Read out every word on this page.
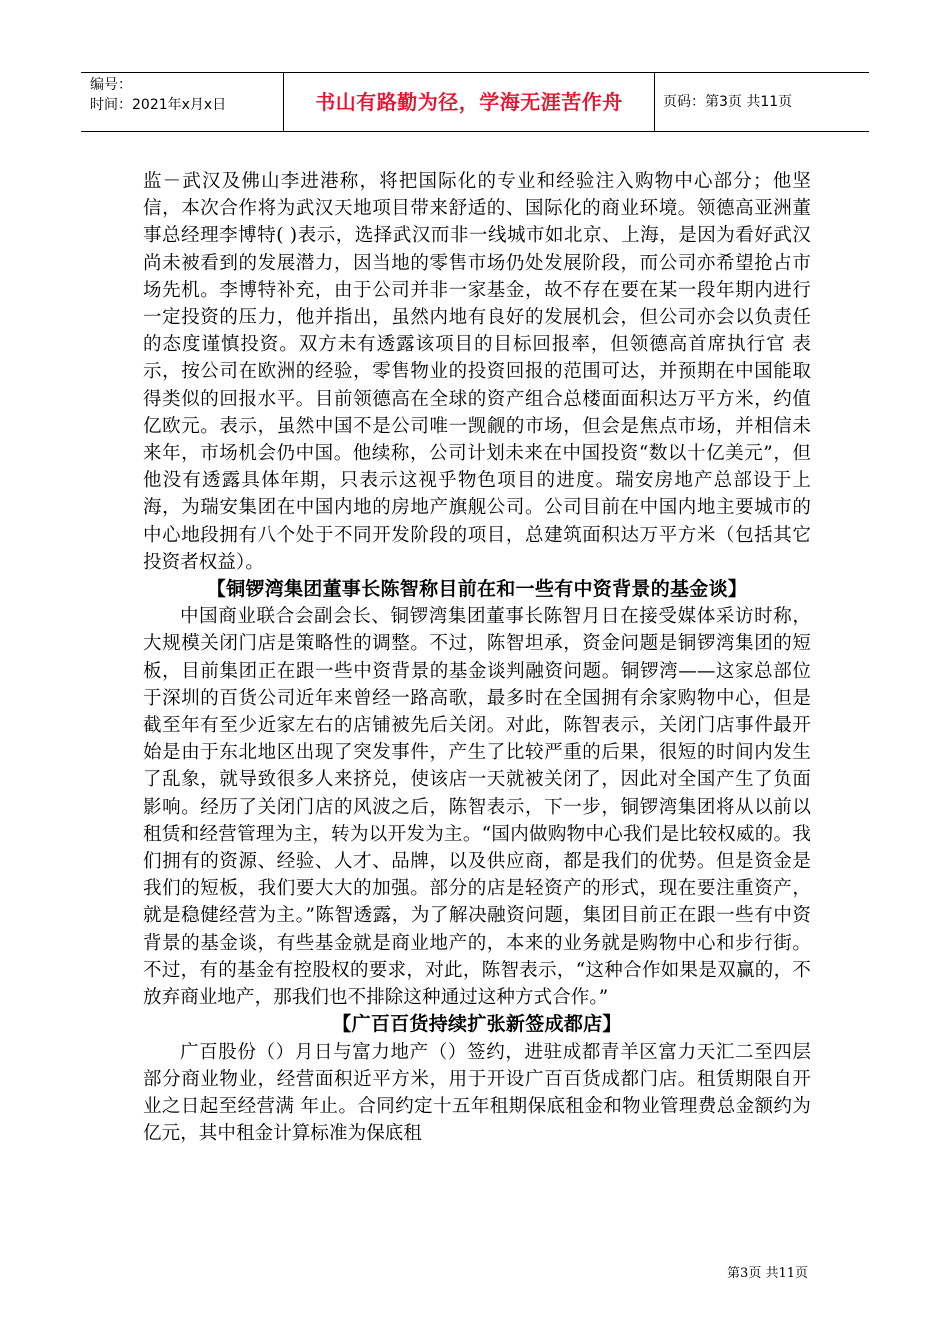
编号：
时间：2021年x月x日	书山有路勤为径，学海无涯苦作舟	页码：第3页 共11页

监－武汉及佛山李进港称，将把国际化的专业和经验注入购物中心部分；他坚信，本次合作将为武汉天地项目带来舒适的、国际化的商业环境。领德高亚洲董事总经理李博特( )表示，选择武汉而非一线城市如北京、上海，是因为看好武汉尚未被看到的发展潜力，因当地的零售市场仍处发展阶段，而公司亦希望抢占市场先机。李博特补充，由于公司并非一家基金，故不存在要在某一段年期内进行一定投资的压力，他并指出，虽然内地有良好的发展机会，但公司亦会以负责任的态度谨慎投资。双方未有透露该项目的目标回报率，但领德高首席执行官 表示，按公司在欧洲的经验，零售物业的投资回报的范围可达，并预期在中国能取得类似的回报水平。目前领德高在全球的资产组合总楼面面积达万平方米，约值亿欧元。表示，虽然中国不是公司唯一觊觎的市场，但会是焦点市场，并相信未来年，市场机会仍中国。他续称，公司计划未来在中国投资“数以十亿美元”，但他没有透露具体年期，只表示这视乎物色项目的进度。瑞安房地产总部设于上海，为瑞安集团在中国内地的房地产旗舰公司。公司目前在中国内地主要城市的中心地段拥有八个处于不同开发阶段的项目，总建筑面积达万平方米（包括其它投资者权益）。

【铜锣湾集团董事长陈智称目前在和一些有中资背景的基金谈】

中国商业联合会副会长、铜锣湾集团董事长陈智月日在接受媒体采访时称，大规模关闭门店是策略性的调整。不过，陈智坦承，资金问题是铜锣湾集团的短板，目前集团正在跟一些中资背景的基金谈判融资问题。铜锣湾——这家总部位于深圳的百货公司近年来曾经一路高歌，最多时在全国拥有余家购物中心，但是截至年有至少近家左右的店铺被先后关闭。对此，陈智表示，关闭门店事件最开始是由于东北地区出现了突发事件，产生了比较严重的后果，很短的时间内发生了乱象，就导致很多人来挤兑，使该店一天就被关闭了，因此对全国产生了负面影响。经历了关闭门店的风波之后，陈智表示，下一步，铜锣湾集团将从以前以租赁和经营管理为主，转为以开发为主。“国内做购物中心我们是比较权威的。我们拥有的资源、经验、人才、品牌，以及供应商，都是我们的优势。但是资金是我们的短板，我们要大大的加强。部分的店是轻资产的形式，现在要注重资产，就是稳健经营为主。”陈智透露，为了解决融资问题，集团目前正在跟一些有中资背景的基金谈，有些基金就是商业地产的，本来的业务就是购物中心和步行街。不过，有的基金有控股权的要求，对此，陈智表示，“这种合作如果是双赢的，不放弃商业地产，那我们也不排除这种通过这种方式合作。”

【广百百货持续扩张新签成都店】

广百股份（）月日与富力地产（）签约，进驻成都青羊区富力天汇二至四层部分商业物业，经营面积近平方米，用于开设广百百货成都门店。租赁期限自开业之日起至经营满 年止。合同约定十五年租期保底租金和物业管理费总金额约为 亿元，其中租金计算标准为保底租

第3页 共11页
